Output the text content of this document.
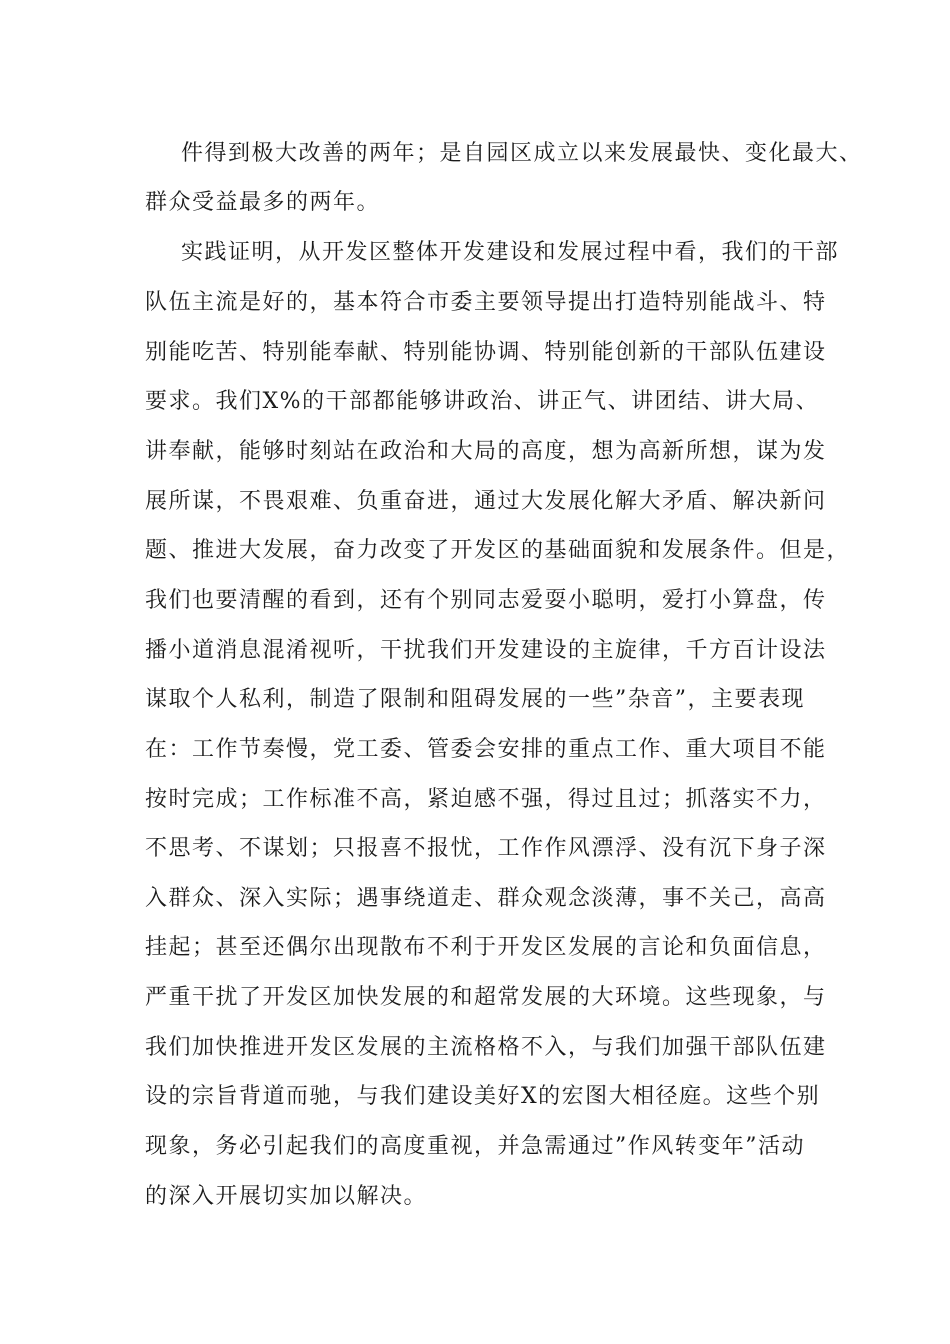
件得到极大改善的两年；是自园区成立以来发展最快、变化最大、
群众受益最多的两年。
实践证明，从开发区整体开发建设和发展过程中看，我们的干部
队伍主流是好的，基本符合市委主要领导提出打造特别能战斗、特
别能吃苦、特别能奉献、特别能协调、特别能创新的干部队伍建设
要求。我们X%的干部都能够讲政治、讲正气、讲团结、讲大局、
讲奉献，能够时刻站在政治和大局的高度，想为高新所想，谋为发
展所谋，不畏艰难、负重奋进，通过大发展化解大矛盾、解决新问
题、推进大发展，奋力改变了开发区的基础面貌和发展条件。但是，
我们也要清醒的看到，还有个别同志爱耍小聪明，爱打小算盘，传
播小道消息混淆视听，干扰我们开发建设的主旋律，千方百计设法
谋取个人私利，制造了限制和阻碍发展的一些”杂音”，主要表现
在：工作节奏慢，党工委、管委会安排的重点工作、重大项目不能
按时完成；工作标准不高，紧迫感不强，得过且过；抓落实不力，
不思考、不谋划；只报喜不报忧，工作作风漂浮、没有沉下身子深
入群众、深入实际；遇事绕道走、群众观念淡薄，事不关己，高高
挂起；甚至还偶尔出现散布不利于开发区发展的言论和负面信息，
严重干扰了开发区加快发展的和超常发展的大环境。这些现象，与
我们加快推进开发区发展的主流格格不入，与我们加强干部队伍建
设的宗旨背道而驰，与我们建设美好X的宏图大相径庭。这些个别
现象，务必引起我们的高度重视，并急需通过”作风转变年”活动
的深入开展切实加以解决。
